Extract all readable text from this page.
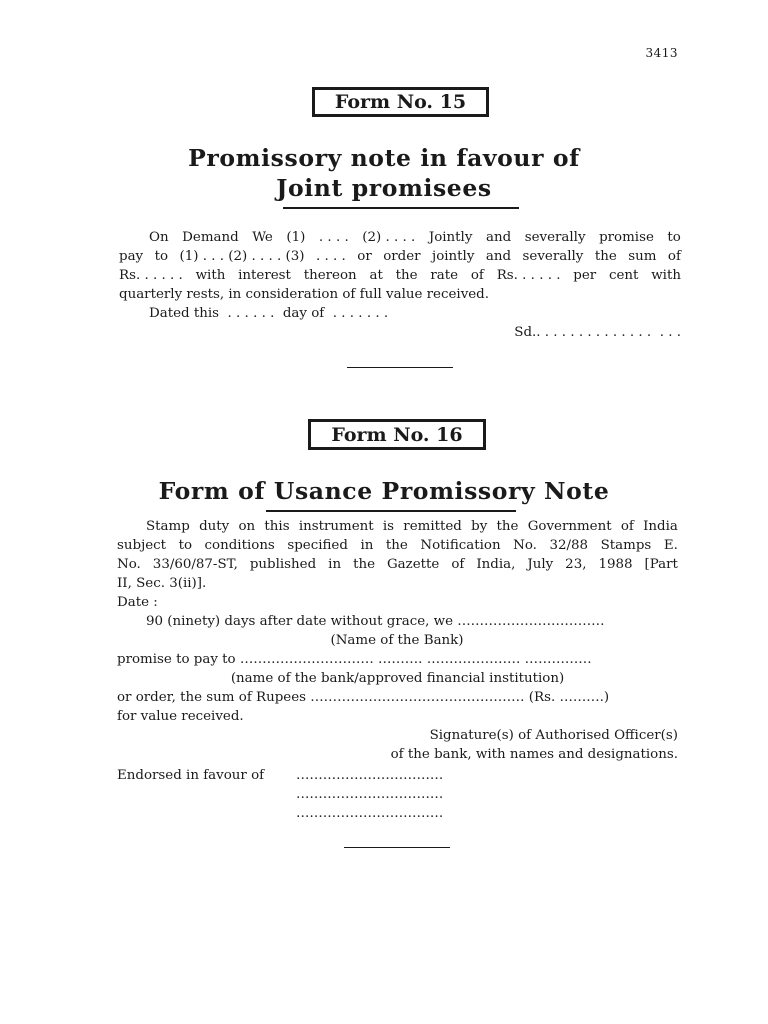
3413
Form No. 15
Promissory note in favour of
Joint promisees
On Demand We (1) . . . . (2) . . . . Jointly and severally promise to
pay to (1) . . . (2) . . . . (3) . . . . or order jointly and severally the sum of
Rs. . . . . . with interest thereon at the rate of Rs. . . . . . per cent with
quarterly rests, in consideration of full value received.
Dated this  . . . . . .  day of  . . . . . . .
Sd.. . . . . . . . . . . . . .  . . .
Form No. 16
Form of Usance Promissory Note
Stamp duty on this instrument is remitted by the Government of India
subject to conditions specified in the Notification No. 32/88 Stamps E.
No. 33/60/87-ST, published in the Gazette of India, July 23, 1988 [Part
II, Sec. 3(ii)].
Date :
90 (ninety) days after date without grace, we ……………………………
(Name of the Bank)
promise to pay to ………………………… ………. ………………… ……………
(name of the bank/approved financial institution)
or order, the sum of Rupees ………………………………………… (Rs. ……….)
for value received.
Signature(s) of Authorised Officer(s)
of the bank, with names and designations.
Endorsed in favour of ……………………………
……………………………
……………………………
